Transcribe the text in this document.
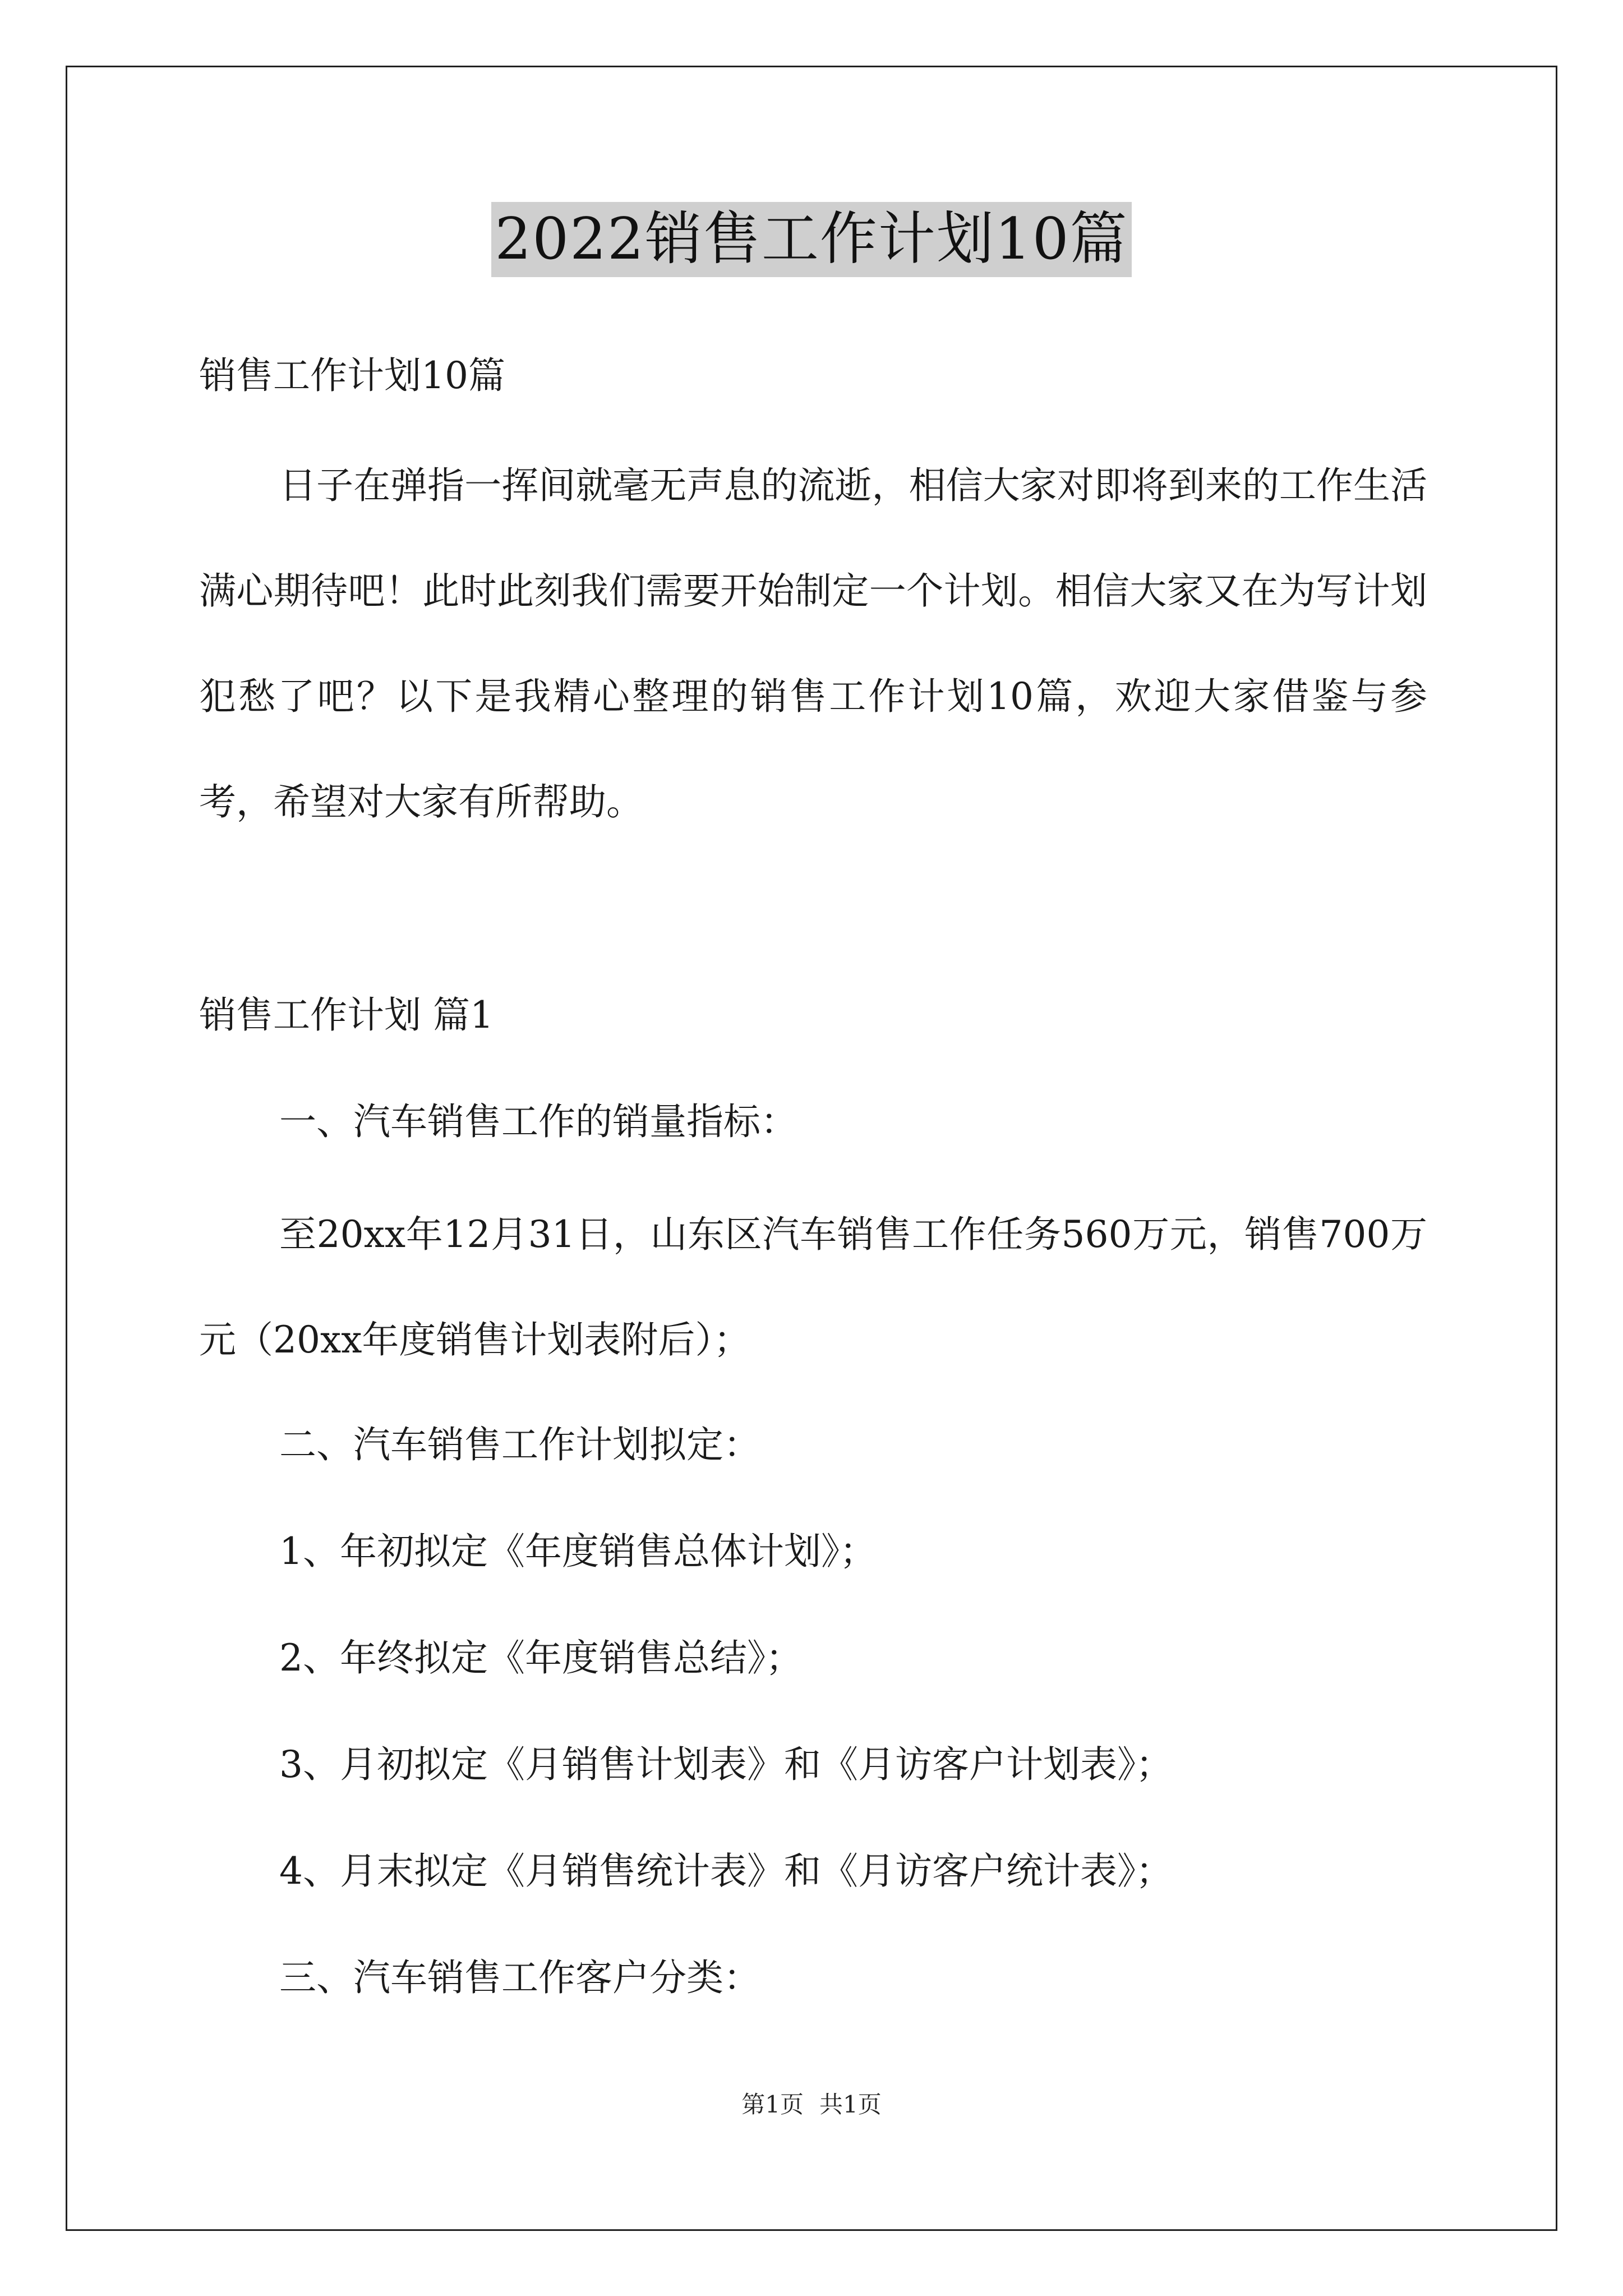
2022销售工作计划10篇
销售工作计划10篇
日子在弹指一挥间就毫无声息的流逝，相信大家对即将到来的工作生活满心期待吧！此时此刻我们需要开始制定一个计划。相信大家又在为写计划犯愁了吧？以下是我精心整理的销售工作计划10篇，欢迎大家借鉴与参考，希望对大家有所帮助。
销售工作计划 篇1
一、汽车销售工作的销量指标：
至20xx年12月31日，山东区汽车销售工作任务560万元，销售700万元（20xx年度销售计划表附后）；
二、汽车销售工作计划拟定：
1、年初拟定《年度销售总体计划》；
2、年终拟定《年度销售总结》；
3、月初拟定《月销售计划表》和《月访客户计划表》；
4、月末拟定《月销售统计表》和《月访客户统计表》；
三、汽车销售工作客户分类：
第1页 共1页
